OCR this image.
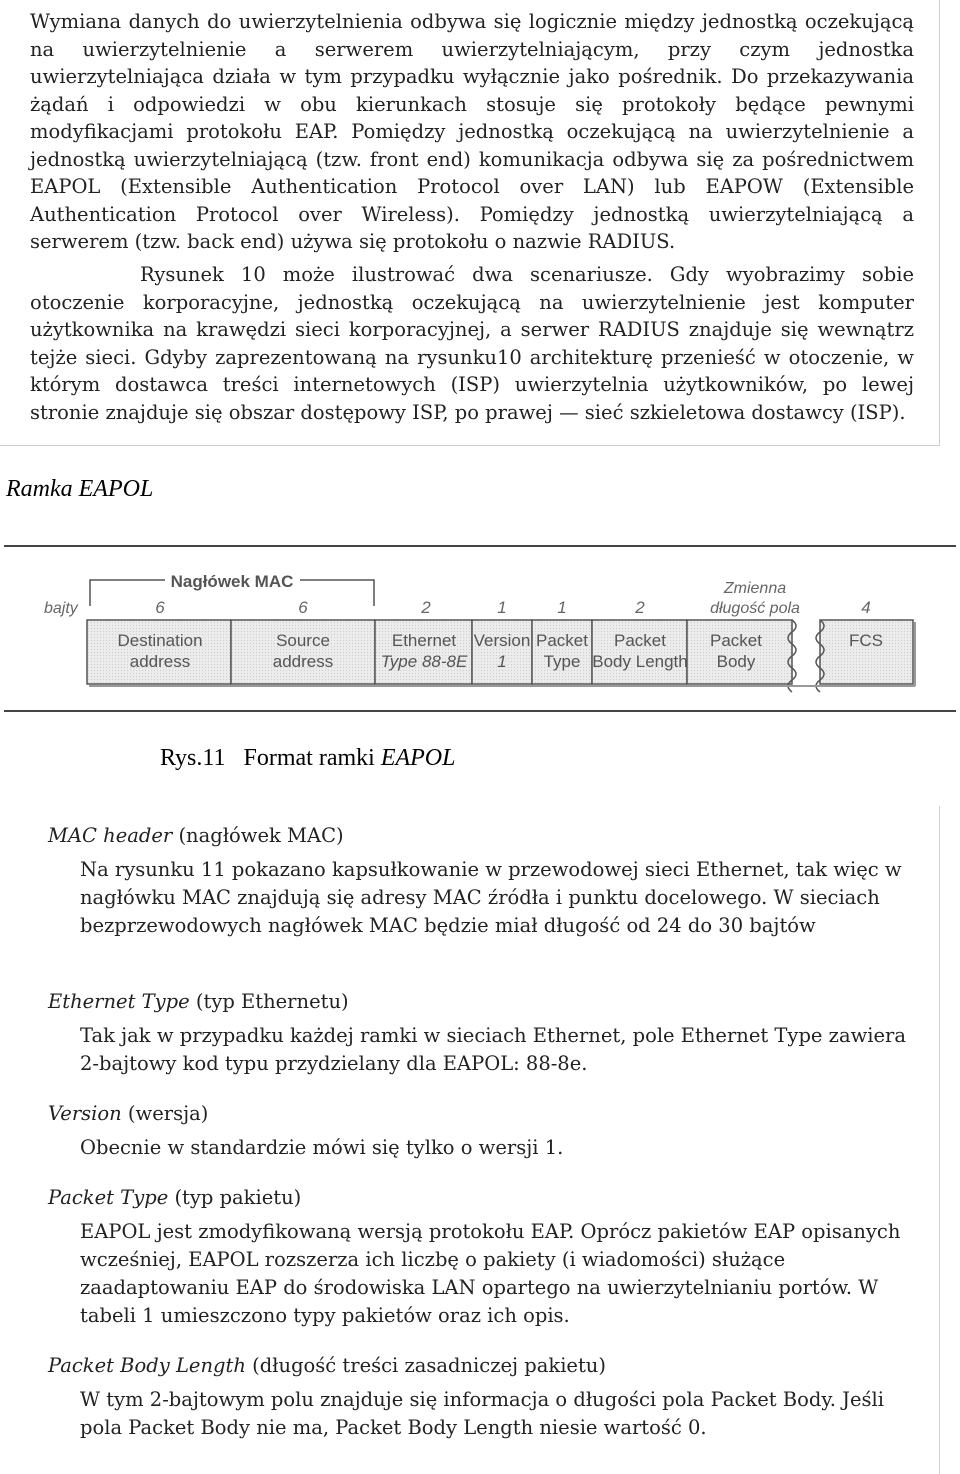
Wymiana danych do uwierzytelnienia odbywa się logicznie między jednostką oczekującą na uwierzytelnienie a serwerem uwierzytelniającym, przy czym jednostka uwierzytelniająca działa w tym przypadku wyłącznie jako pośrednik. Do przekazywania żądań i odpowiedzi w obu kierunkach stosuje się protokoły będące pewnymi modyfikacjami protokołu EAP. Pomiędzy jednostką oczekującą na uwierzytelnienie a jednostką uwierzytelniającą (tzw. front end) komunikacja odbywa się za pośrednictwem EAPOL (Extensible Authentication Protocol over LAN) lub EAPOW (Extensible Authentication Protocol over Wireless). Pomiędzy jednostką uwierzytelniającą a serwerem (tzw. back end) używa się protokołu o nazwie RADIUS.
Rysunek 10 może ilustrować dwa scenariusze. Gdy wyobrazimy sobie otoczenie korporacyjne, jednostką oczekującą na uwierzytelnienie jest komputer użytkownika na krawędzi sieci korporacyjnej, a serwer RADIUS znajduje się wewnątrz tejże sieci. Gdyby zaprezentowaną na rysunku10 architekturę przenieść w otoczenie, w którym dostawca treści internetowych (ISP) uwierzytelnia użytkowników, po lewej stronie znajduje się obszar dostępowy ISP, po prawej — sieć szkieletowa dostawcy (ISP).
Ramka EAPOL
Nagłówek MAC
bajty
Zmienna
długość pola
6	6	2	1	1	2	4
Destination
address
Source
address
Ethernet
Type 88-8E
Version
1
Packet
Type
Packet
Body Length
Packet
Body
FCS
Rys.11 Format ramki EAPOL
MAC header (nagłówek MAC)
Na rysunku 11 pokazano kapsułkowanie w przewodowej sieci Ethernet, tak więc w nagłówku MAC znajdują się adresy MAC źródła i punktu docelowego. W sieciach bezprzewodowych nagłówek MAC będzie miał długość od 24 do 30 bajtów
Ethernet Type (typ Ethernetu)
Tak jak w przypadku każdej ramki w sieciach Ethernet, pole Ethernet Type zawiera 2-bajtowy kod typu przydzielany dla EAPOL: 88-8e.
Version (wersja)
Obecnie w standardzie mówi się tylko o wersji 1.
Packet Type (typ pakietu)
EAPOL jest zmodyfikowaną wersją protokołu EAP. Oprócz pakietów EAP opisanych wcześniej, EAPOL rozszerza ich liczbę o pakiety (i wiadomości) służące zaadaptowaniu EAP do środowiska LAN opartego na uwierzytelnianiu portów. W tabeli 1 umieszczono typy pakietów oraz ich opis.
Packet Body Length (długość treści zasadniczej pakietu)
W tym 2-bajtowym polu znajduje się informacja o długości pola Packet Body. Jeśli pola Packet Body nie ma, Packet Body Length niesie wartość 0.
